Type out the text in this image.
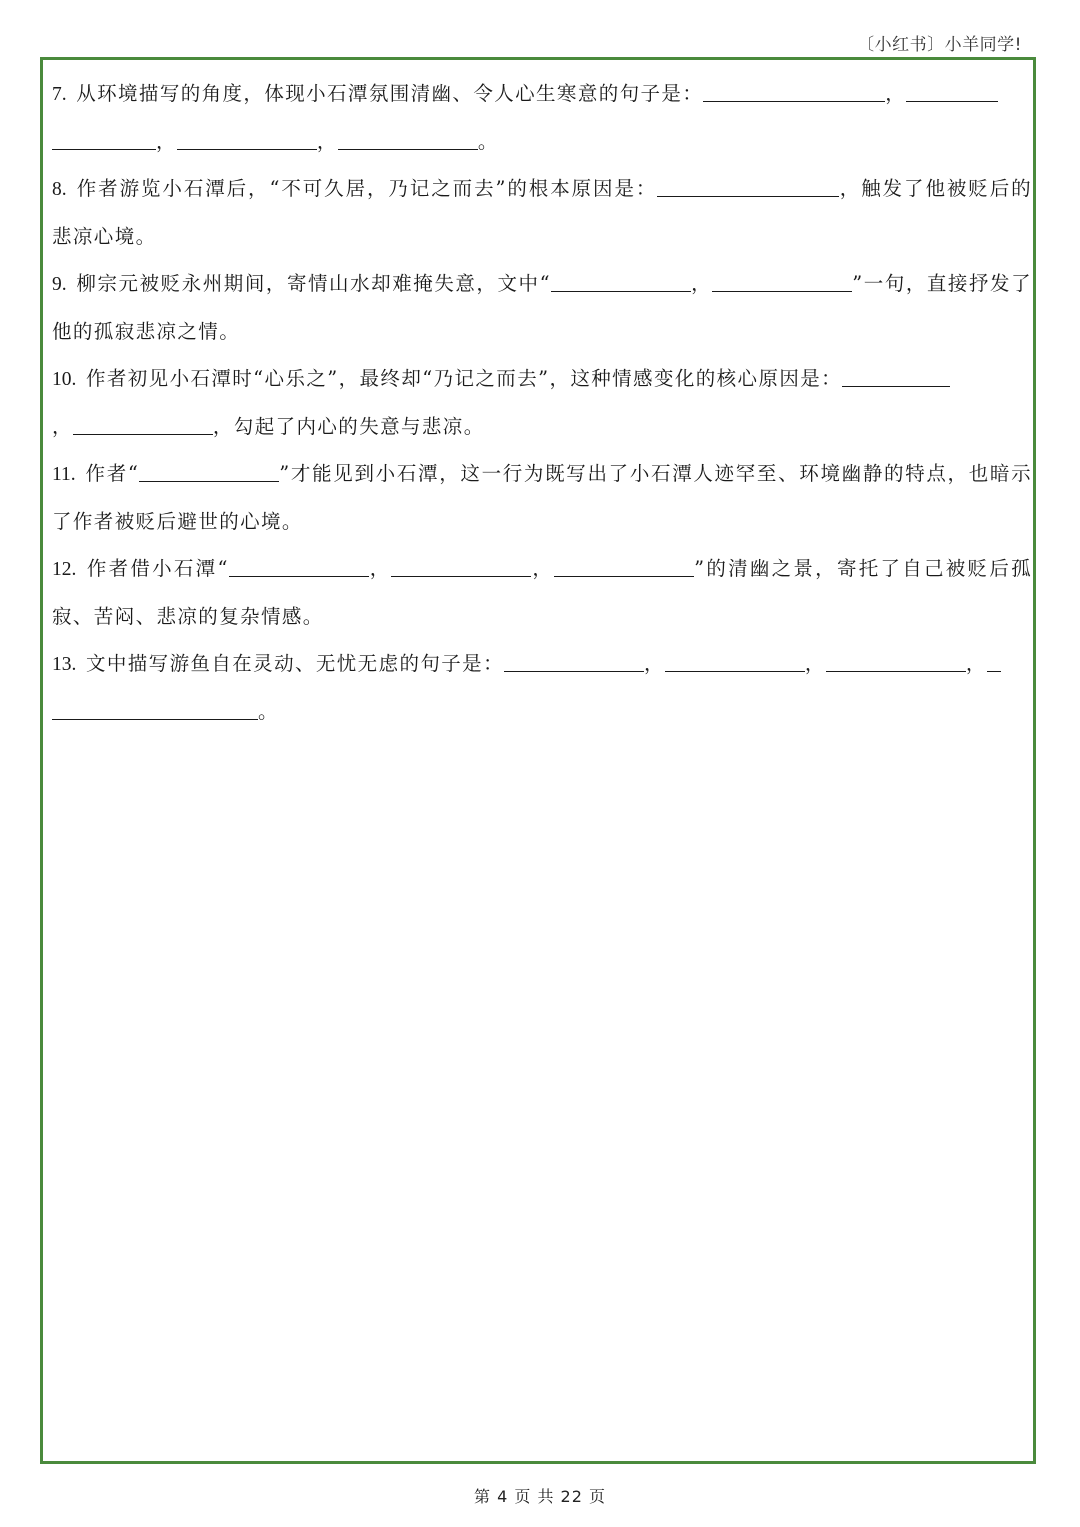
〔小红书〕小羊同学!

7. 从环境描写的角度，体现小石潭氛围清幽、令人心生寒意的句子是：	，
，	，	。

8. 作者游览小石潭后，“不可久居，乃记之而去”的根本原因是：	，触发了他被贬后的悲凉心境。

9. 柳宗元被贬永州期间，寄情山水却难掩失意，文中“	，	”一句，直接抒发了他的孤寂悲凉之情。

10. 作者初见小石潭时“心乐之”，最终却“乃记之而去”，这种情感变化的核心原因是：
，	，勾起了内心的失意与悲凉。

11. 作者“	”才能见到小石潭，这一行为既写出了小石潭人迹罕至、环境幽静的特点，也暗示了作者被贬后避世的心境。

12. 作者借小石潭“	，	，	”的清幽之景，寄托了自己被贬后孤寂、苦闷、悲凉的复杂情感。

13. 文中描写游鱼自在灵动、无忧无虑的句子是：	，	，	，
。

第 4 页 共 22 页
